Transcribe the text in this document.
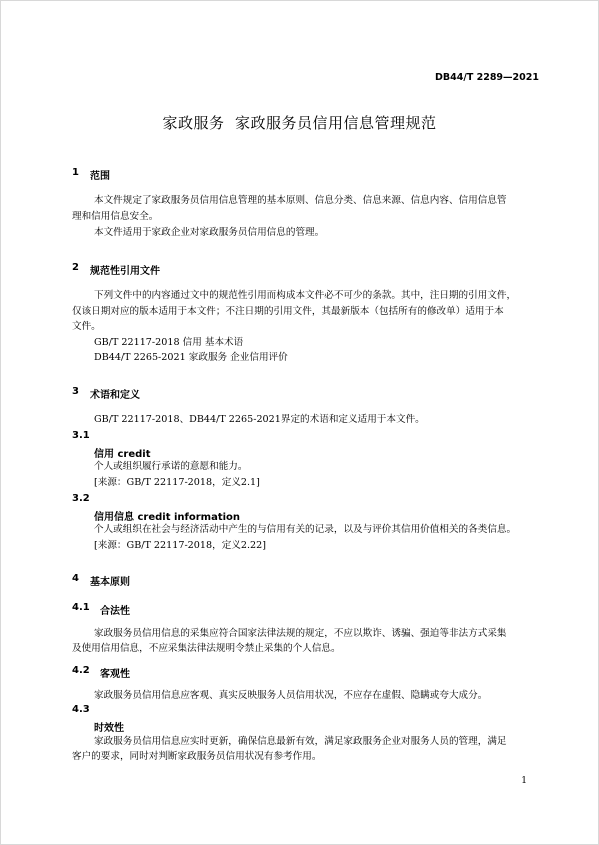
DB44/T 2289—2021
家政服务  家政服务员信用信息管理规范
1 范围
本文件规定了家政服务员信用信息管理的基本原则、信息分类、信息来源、信息内容、信用信息管
理和信用信息安全。
本文件适用于家政企业对家政服务员信用信息的管理。
2 规范性引用文件
下列文件中的内容通过文中的规范性引用而构成本文件必不可少的条款。其中，注日期的引用文件，
仅该日期对应的版本适用于本文件；不注日期的引用文件，其最新版本（包括所有的修改单）适用于本
文件。
GB/T 22117-2018 信用 基本术语
DB44/T 2265-2021 家政服务 企业信用评价
3 术语和定义
GB/T 22117-2018、DB44/T 2265-2021界定的术语和定义适用于本文件。
3.1
信用 credit
个人或组织履行承诺的意愿和能力。
[来源：GB/T 22117-2018，定义2.1]
3.2
信用信息 credit information
个人或组织在社会与经济活动中产生的与信用有关的记录，以及与评价其信用价值相关的各类信息。
[来源：GB/T 22117-2018，定义2.22]
4 基本原则
4.1 合法性
家政服务员信用信息的采集应符合国家法律法规的规定，不应以欺诈、诱骗、强迫等非法方式采集
及使用信用信息，不应采集法律法规明令禁止采集的个人信息。
4.2 客观性
家政服务员信用信息应客观、真实反映服务人员信用状况，不应存在虚假、隐瞒或夸大成分。
4.3
时效性
家政服务员信用信息应实时更新，确保信息最新有效，满足家政服务企业对服务人员的管理，满足
客户的要求，同时对判断家政服务员信用状况有参考作用。
1
